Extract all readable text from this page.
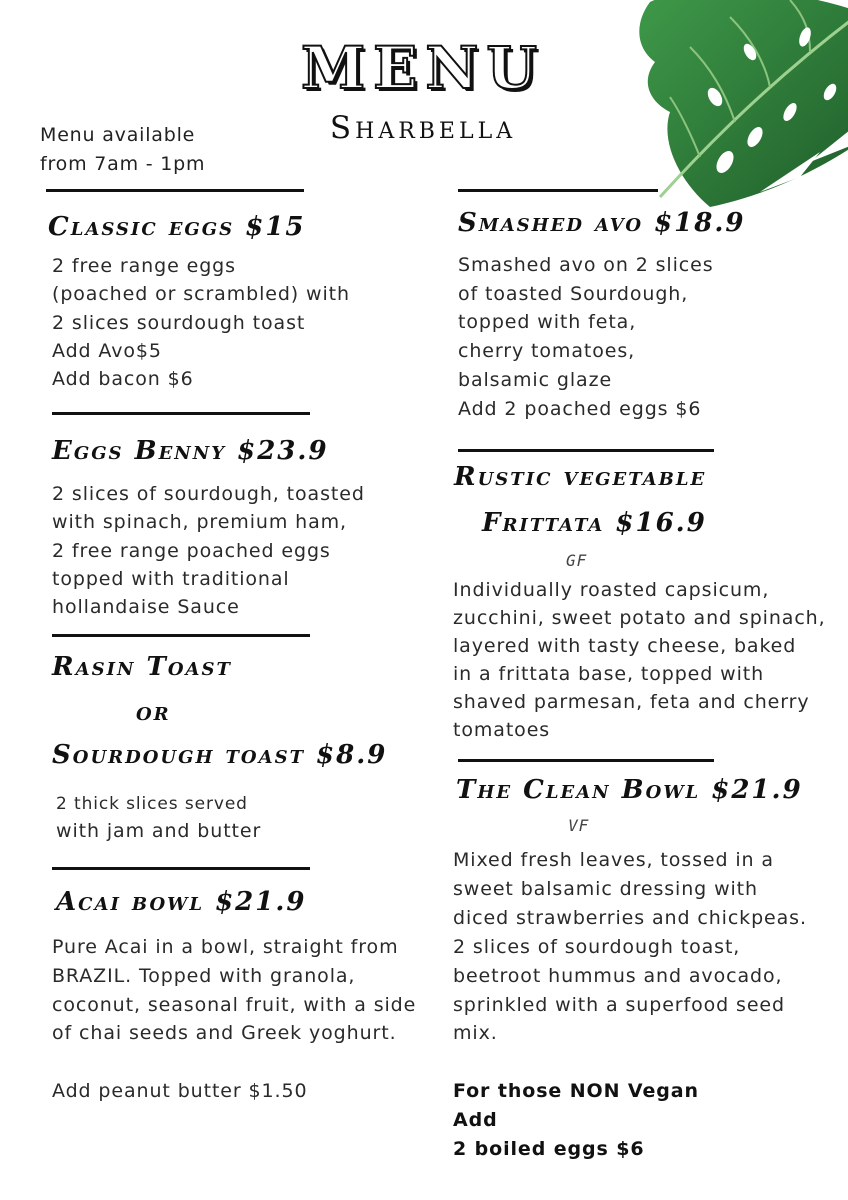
MENU
Sharbella
Menu available
from 7am - 1pm
Classic eggs $15
2 free range eggs
(poached or scrambled) with
2 slices sourdough toast
Add Avo$5
Add bacon $6
Eggs Benny $23.9
2 slices of sourdough, toasted
with spinach, premium ham,
2 free range poached eggs
topped with traditional
hollandaise Sauce
Rasin Toast
or
Sourdough toast $8.9
2 thick slices served
with jam and butter
Acai bowl $21.9
Pure Acai in a bowl, straight from
BRAZIL. Topped with granola,
coconut, seasonal fruit, with a side
of chai seeds and Greek yoghurt.
Add peanut butter $1.50
Smashed avo $18.9
Smashed avo on 2 slices
of toasted Sourdough,
topped with feta,
cherry tomatoes,
balsamic glaze
Add 2 poached eggs $6
Rustic vegetable
Frittata $16.9
GF
Individually roasted capsicum,
zucchini, sweet potato and spinach,
layered with tasty cheese, baked
in a frittata base, topped with
shaved parmesan, feta and cherry
tomatoes
The Clean Bowl $21.9
VF
Mixed fresh leaves, tossed in a
sweet balsamic dressing with
diced strawberries and chickpeas.
2 slices of sourdough toast,
beetroot hummus and avocado,
sprinkled with a superfood seed
mix.
For those NON Vegan
Add
2 boiled eggs $6
